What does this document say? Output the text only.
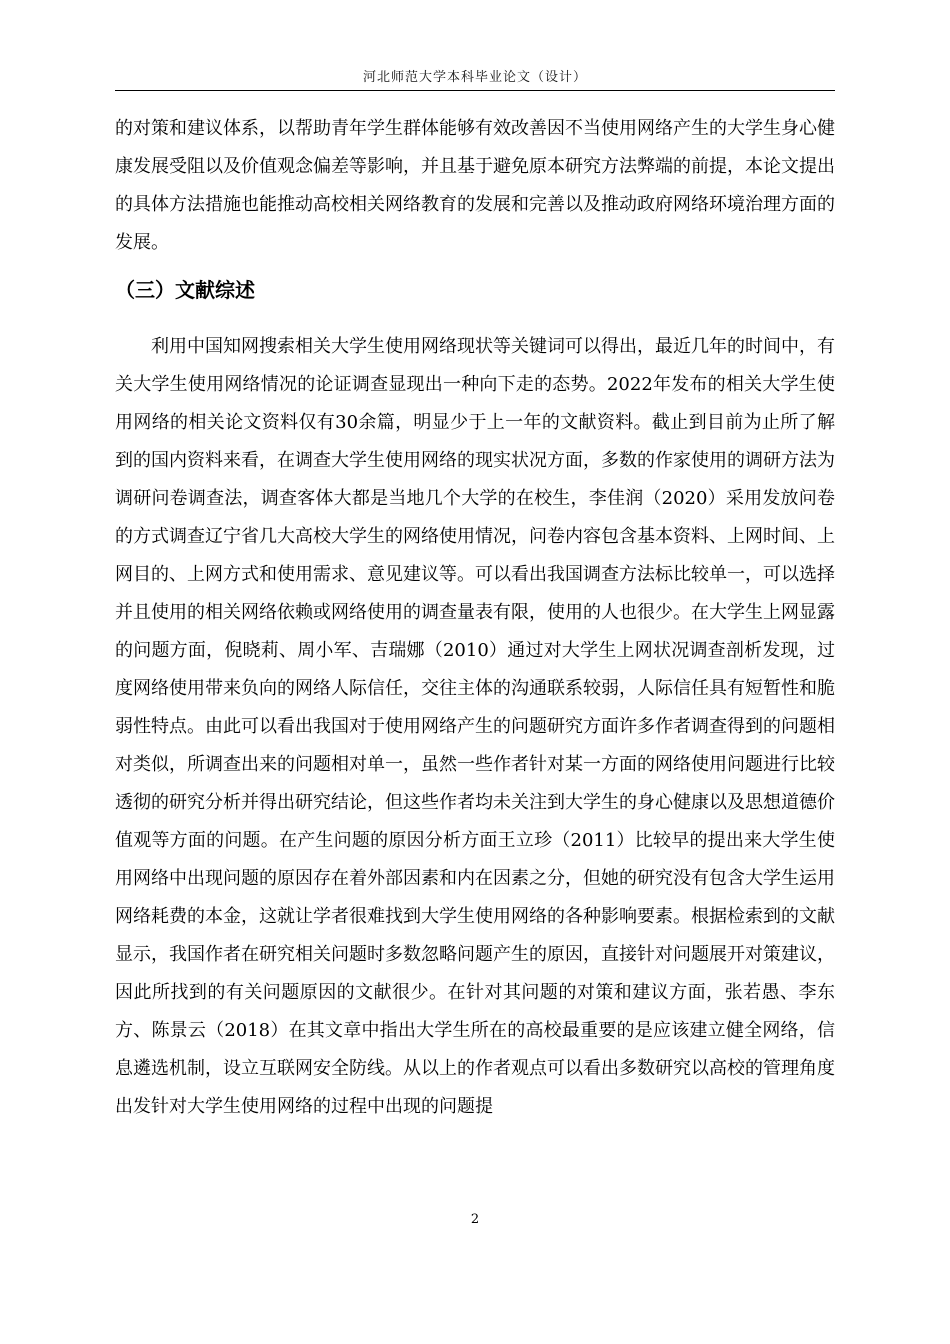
河北师范大学本科毕业论文（设计）
的对策和建议体系，以帮助青年学生群体能够有效改善因不当使用网络产生的大学生身心健康发展受阻以及价值观念偏差等影响，并且基于避免原本研究方法弊端的前提，本论文提出的具体方法措施也能推动高校相关网络教育的发展和完善以及推动政府网络环境治理方面的发展。
（三）文献综述
利用中国知网搜索相关大学生使用网络现状等关键词可以得出，最近几年的时间中，有关大学生使用网络情况的论证调查显现出一种向下走的态势。2022年发布的相关大学生使用网络的相关论文资料仅有30余篇，明显少于上一年的文献资料。截止到目前为止所了解到的国内资料来看，在调查大学生使用网络的现实状况方面，多数的作家使用的调研方法为调研问卷调查法，调查客体大都是当地几个大学的在校生，李佳润（2020）采用发放问卷的方式调查辽宁省几大高校大学生的网络使用情况，问卷内容包含基本资料、上网时间、上网目的、上网方式和使用需求、意见建议等。可以看出我国调查方法标比较单一，可以选择并且使用的相关网络依赖或网络使用的调查量表有限，使用的人也很少。在大学生上网显露的问题方面，倪晓莉、周小军、吉瑞娜（2010）通过对大学生上网状况调查剖析发现，过度网络使用带来负向的网络人际信任，交往主体的沟通联系较弱，人际信任具有短暂性和脆弱性特点。由此可以看出我国对于使用网络产生的问题研究方面许多作者调查得到的问题相对类似，所调查出来的问题相对单一，虽然一些作者针对某一方面的网络使用问题进行比较透彻的研究分析并得出研究结论，但这些作者均未关注到大学生的身心健康以及思想道德价值观等方面的问题。在产生问题的原因分析方面王立珍（2011）比较早的提出来大学生使用网络中出现问题的原因存在着外部因素和内在因素之分，但她的研究没有包含大学生运用网络耗费的本金，这就让学者很难找到大学生使用网络的各种影响要素。根据检索到的文献显示，我国作者在研究相关问题时多数忽略问题产生的原因，直接针对问题展开对策建议，因此所找到的有关问题原因的文献很少。在针对其问题的对策和建议方面，张若愚、李东方、陈景云（2018）在其文章中指出大学生所在的高校最重要的是应该建立健全网络，信息遴选机制，设立互联网安全防线。从以上的作者观点可以看出多数研究以高校的管理角度出发针对大学生使用网络的过程中出现的问题提
2
